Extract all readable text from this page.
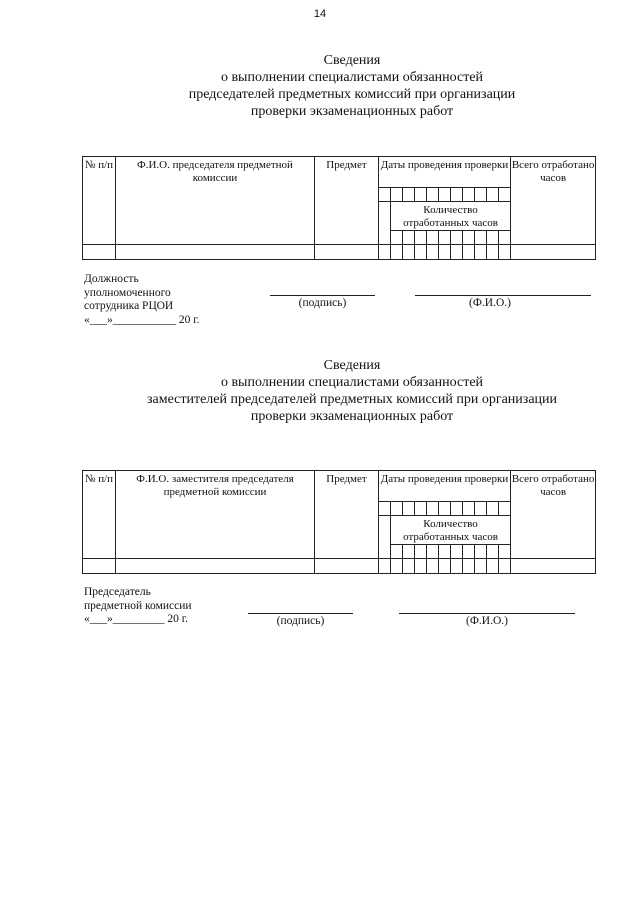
14
Сведения
о выполнении специалистами обязанностей
председателей предметных комиссий при организации
проверки экзаменационных работ
№ п/п	Ф.И.О. председателя предметной комиссии	Предмет	Даты проведения проверки											Всего отработано часов

				Количество отработанных часов										

Должность
уполномоченного
сотрудника РЦОИ
«___»___________ 20 г.
(подпись)	(Ф.И.О.)
Сведения
о выполнении специалистами обязанностей
заместителей председателей предметных комиссий при организации
проверки экзаменационных работ
№ п/п	Ф.И.О. заместителя председателя предметной комиссии	Предмет	Даты проведения проверки											Всего отработано часов

				Количество отработанных часов										

Председатель
предметной комиссии
«___»_________ 20 г.	(подпись)	(Ф.И.О.)
